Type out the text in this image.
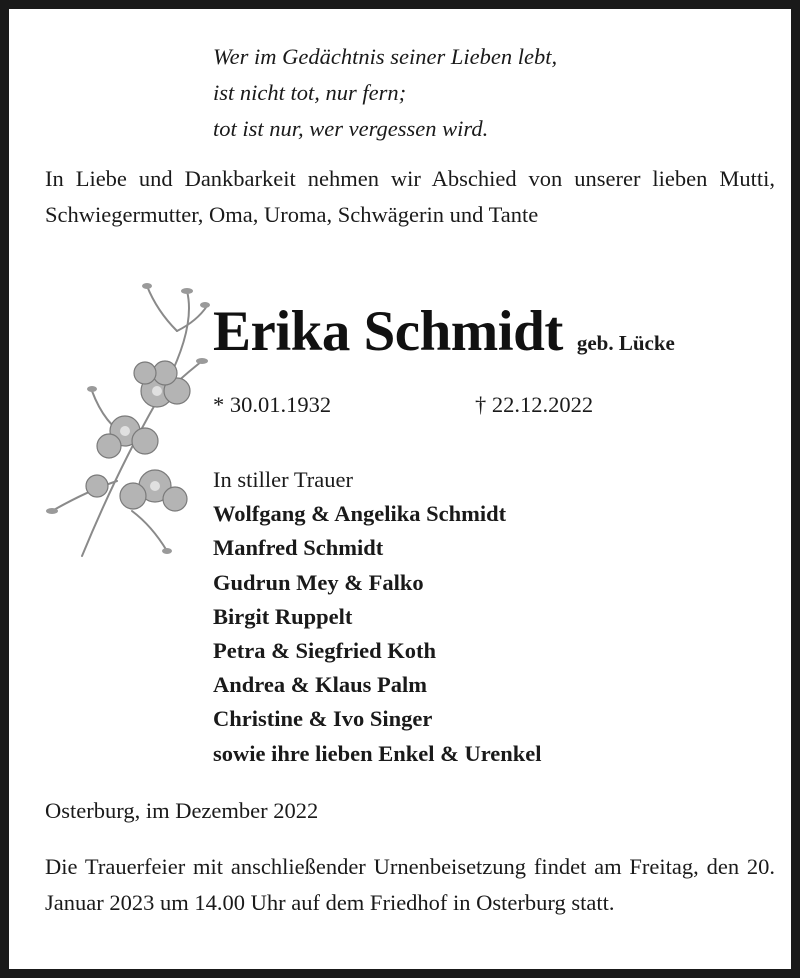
Wer im Gedächtnis seiner Lieben lebt,
ist nicht tot, nur fern;
tot ist nur, wer vergessen wird.
In Liebe und Dankbarkeit nehmen wir Abschied von unserer lieben Mutti, Schwiegermutter, Oma, Uroma, Schwägerin und Tante
Erika Schmidt geb. Lücke
* 30.01.1932	† 22.12.2022
In stiller Trauer
Wolfgang & Angelika Schmidt
Manfred Schmidt
Gudrun Mey & Falko
Birgit Ruppelt
Petra & Siegfried Koth
Andrea & Klaus Palm
Christine & Ivo Singer
sowie ihre lieben Enkel & Urenkel
Osterburg, im Dezember 2022
Die Trauerfeier mit anschließender Urnenbeisetzung findet am Freitag, den 20. Januar 2023 um 14.00 Uhr auf dem Friedhof in Osterburg statt.
